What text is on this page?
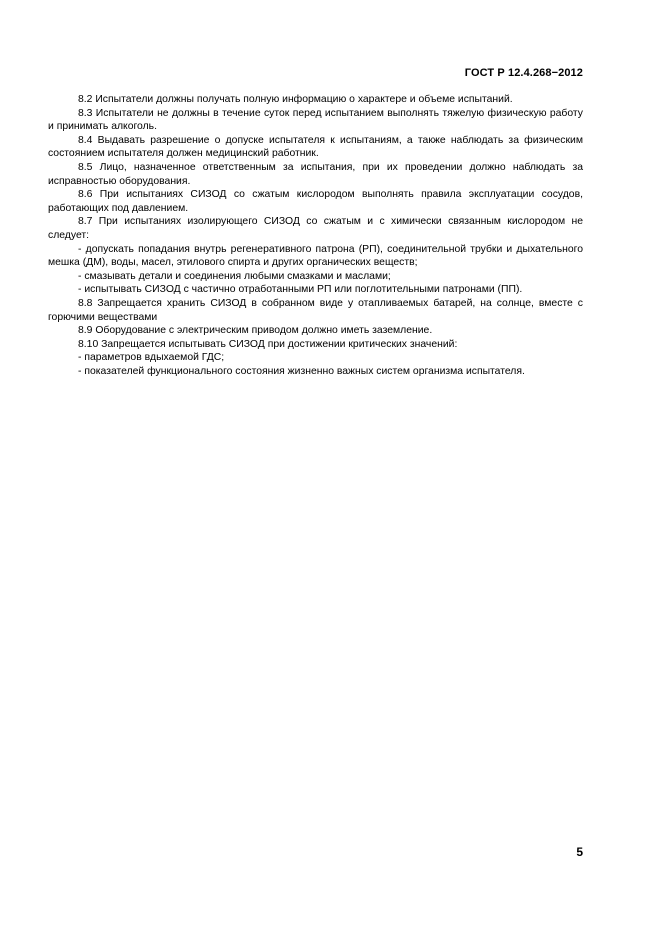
ГОСТ Р 12.4.268−2012

8.2 Испытатели должны получать полную информацию о характере и объеме испытаний.

8.3 Испытатели не должны в течение суток перед испытанием выполнять тяжелую физическую работу и принимать алкоголь.

8.4 Выдавать разрешение о допуске испытателя к испытаниям, а также наблюдать за физическим состоянием испытателя должен медицинский работник.

8.5 Лицо, назначенное ответственным за испытания, при их проведении должно наблюдать за исправностью оборудования.

8.6 При испытаниях СИЗОД со сжатым кислородом выполнять правила эксплуатации сосудов, работающих под давлением.

8.7 При испытаниях изолирующего СИЗОД со сжатым и с химически связанным кислородом не следует:

- допускать попадания внутрь регенеративного патрона (РП), соединительной трубки и дыхательного мешка (ДМ), воды, масел, этилового спирта и других органических веществ;

- смазывать детали и соединения любыми смазками и маслами;

- испытывать СИЗОД с частично отработанными РП или поглотительными патронами (ПП).

8.8 Запрещается хранить СИЗОД в собранном виде у отапливаемых батарей, на солнце, вместе с горючими веществами

8.9 Оборудование с электрическим приводом должно иметь заземление.

8.10 Запрещается испытывать СИЗОД при достижении критических значений:

- параметров вдыхаемой ГДС;

- показателей функционального состояния жизненно важных систем организма испытателя.

5
